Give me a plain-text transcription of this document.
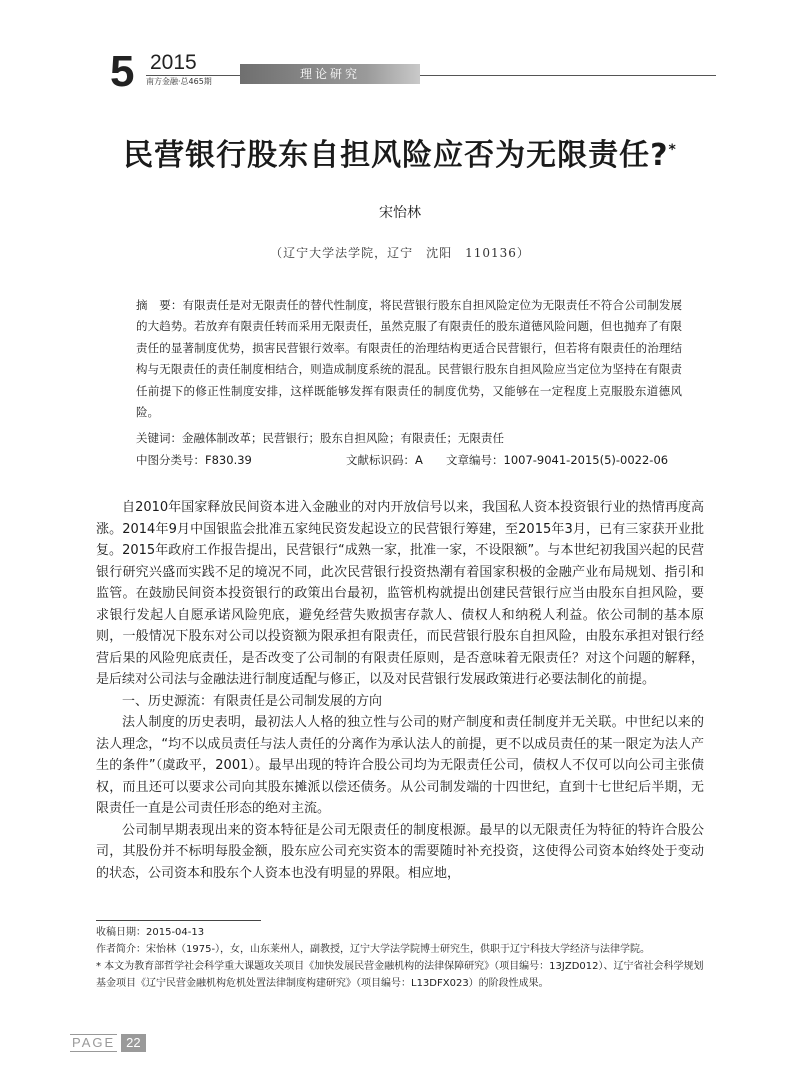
5 2015
南方金融·总465期
理论研究
民营银行股东自担风险应否为无限责任?*
宋怡林
（辽宁大学法学院，辽宁　沈阳　110136）
摘　要：有限责任是对无限责任的替代性制度，将民营银行股东自担风险定位为无限责任不符合公司制发展的大趋势。若放弃有限责任转而采用无限责任，虽然克服了有限责任的股东道德风险问题，但也抛弃了有限责任的显著制度优势，损害民营银行效率。有限责任的治理结构更适合民营银行，但若将有限责任的治理结构与无限责任的责任制度相结合，则造成制度系统的混乱。民营银行股东自担风险应当定位为坚持在有限责任前提下的修正性制度安排，这样既能够发挥有限责任的制度优势，又能够在一定程度上克服股东道德风险。
关键词：金融体制改革；民营银行；股东自担风险；有限责任；无限责任
中图分类号：F830.39	文献标识码：A 文章编号：1007-9041-2015(5)-0022-06

自2010年国家释放民间资本进入金融业的对内开放信号以来，我国私人资本投资银行业的热情再度高涨。2014年9月中国银监会批准五家纯民资发起设立的民营银行筹建，至2015年3月，已有三家获开业批复。2015年政府工作报告提出，民营银行“成熟一家，批准一家，不设限额”。与本世纪初我国兴起的民营银行研究兴盛而实践不足的境况不同，此次民营银行投资热潮有着国家积极的金融产业布局规划、指引和监管。在鼓励民间资本投资银行的政策出台最初，监管机构就提出创建民营银行应当由股东自担风险，要求银行发起人自愿承诺风险兜底，避免经营失败损害存款人、债权人和纳税人利益。依公司制的基本原则，一般情况下股东对公司以投资额为限承担有限责任，而民营银行股东自担风险，由股东承担对银行经营后果的风险兜底责任，是否改变了公司制的有限责任原则，是否意味着无限责任？对这个问题的解释，是后续对公司法与金融法进行制度适配与修正，以及对民营银行发展政策进行必要法制化的前提。

一、历史源流：有限责任是公司制发展的方向

法人制度的历史表明，最初法人人格的独立性与公司的财产制度和责任制度并无关联。中世纪以来的法人理念，“均不以成员责任与法人责任的分离作为承认法人的前提，更不以成员责任的某一限定为法人产生的条件”（虞政平，2001）。最早出现的特许合股公司均为无限责任公司，债权人不仅可以向公司主张债权，而且还可以要求公司向其股东摊派以偿还债务。从公司制发端的十四世纪，直到十七世纪后半期，无限责任一直是公司责任形态的绝对主流。

公司制早期表现出来的资本特征是公司无限责任的制度根源。最早的以无限责任为特征的特许合股公司，其股份并不标明每股金额，股东应公司充实资本的需要随时补充投资，这使得公司资本始终处于变动的状态，公司资本和股东个人资本也没有明显的界限。相应地，

收稿日期：2015-04-13
作者简介：宋怡林（1975-），女，山东莱州人，副教授，辽宁大学法学院博士研究生，供职于辽宁科技大学经济与法律学院。
* 本文为教育部哲学社会科学重大课题攻关项目《加快发展民营金融机构的法律保障研究》（项目编号：13JZD012）、辽宁省社会科学规划基金项目《辽宁民营金融机构危机处置法律制度构建研究》（项目编号：L13DFX023）的阶段性成果。
PAGE 22
